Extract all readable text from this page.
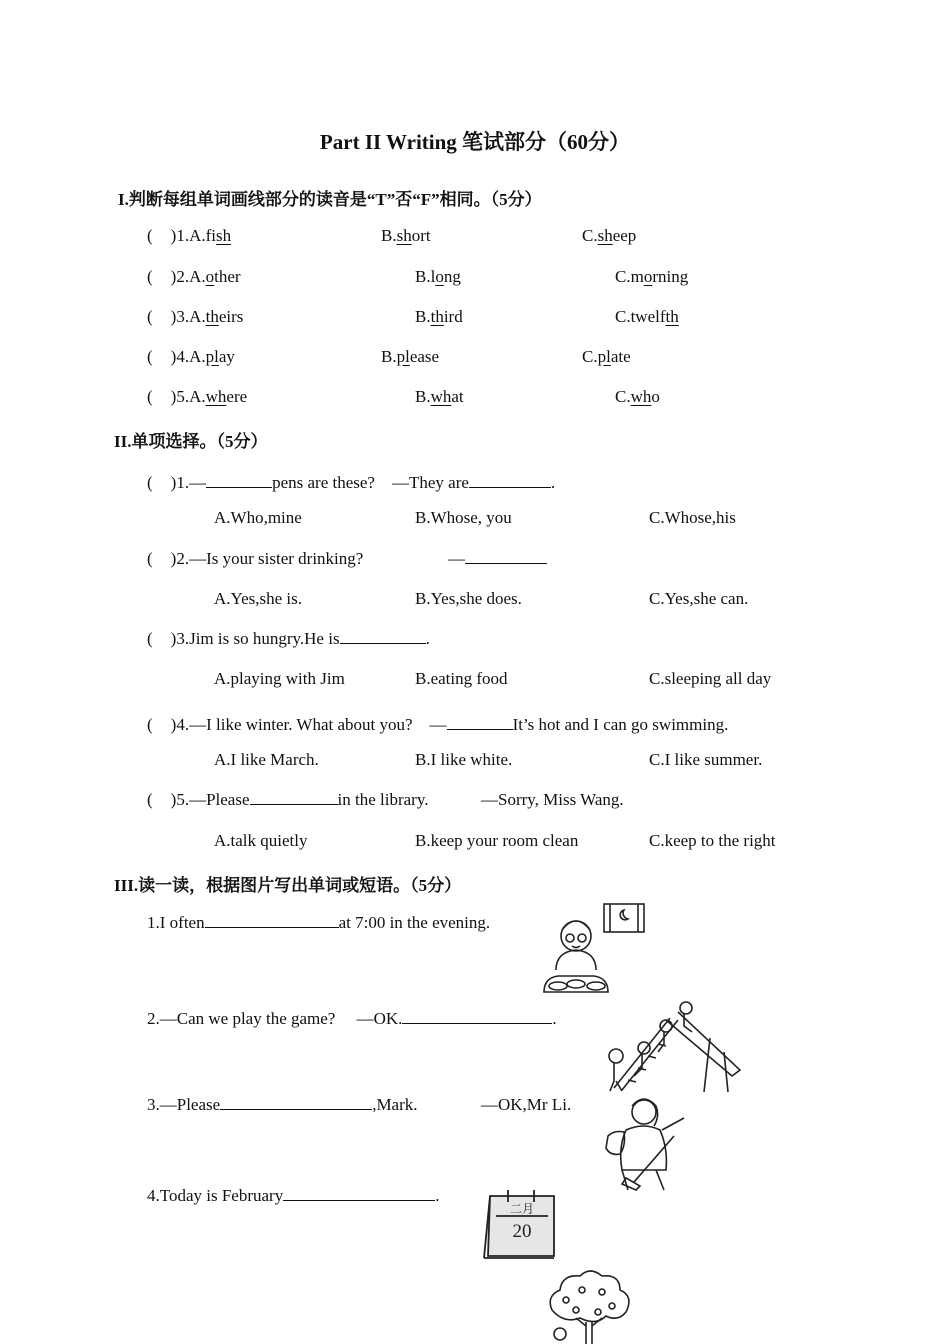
Part II Writing 笔试部分（60分）
I.判断每组单词画线部分的读音是“T”否“F”相同。（5分）
( )1.A.fish	B.short	C.sheep
( )2.A.other	B.long	C.morning
( )3.A.theirs	B.third	C.twelfth
( )4.A.play	B.please	C.plate
( )5.A.where	B.what	C.who
II.单项选择。（5分）
( )1.—	pens are these?　—They are	.
A.Who,mine	B.Whose, you	C.Whose,his
( )2.—Is your sister drinking?	—
A.Yes,she is.	B.Yes,she does.	C.Yes,she can.
( )3.Jim is so hungry.He is	.
A.playing with Jim	B.eating food	C.sleeping all day
( )4.—I like winter. What about you?　—	It’s hot and I can go swimming.
A.I like March.	B.I like white.	C.I like summer.
( )5.—Please	in the library.	—Sorry, Miss Wang.
A.talk quietly	B.keep your room clean	C.keep to the right
III.读一读，根据图片写出单词或短语。（5分）
1.I often	at 7:00 in the evening.
2.—Can we play the game?　 —OK.	.
3.—Please	,Mark.	—OK,Mr Li.
4.Today is February	.
二月
20
